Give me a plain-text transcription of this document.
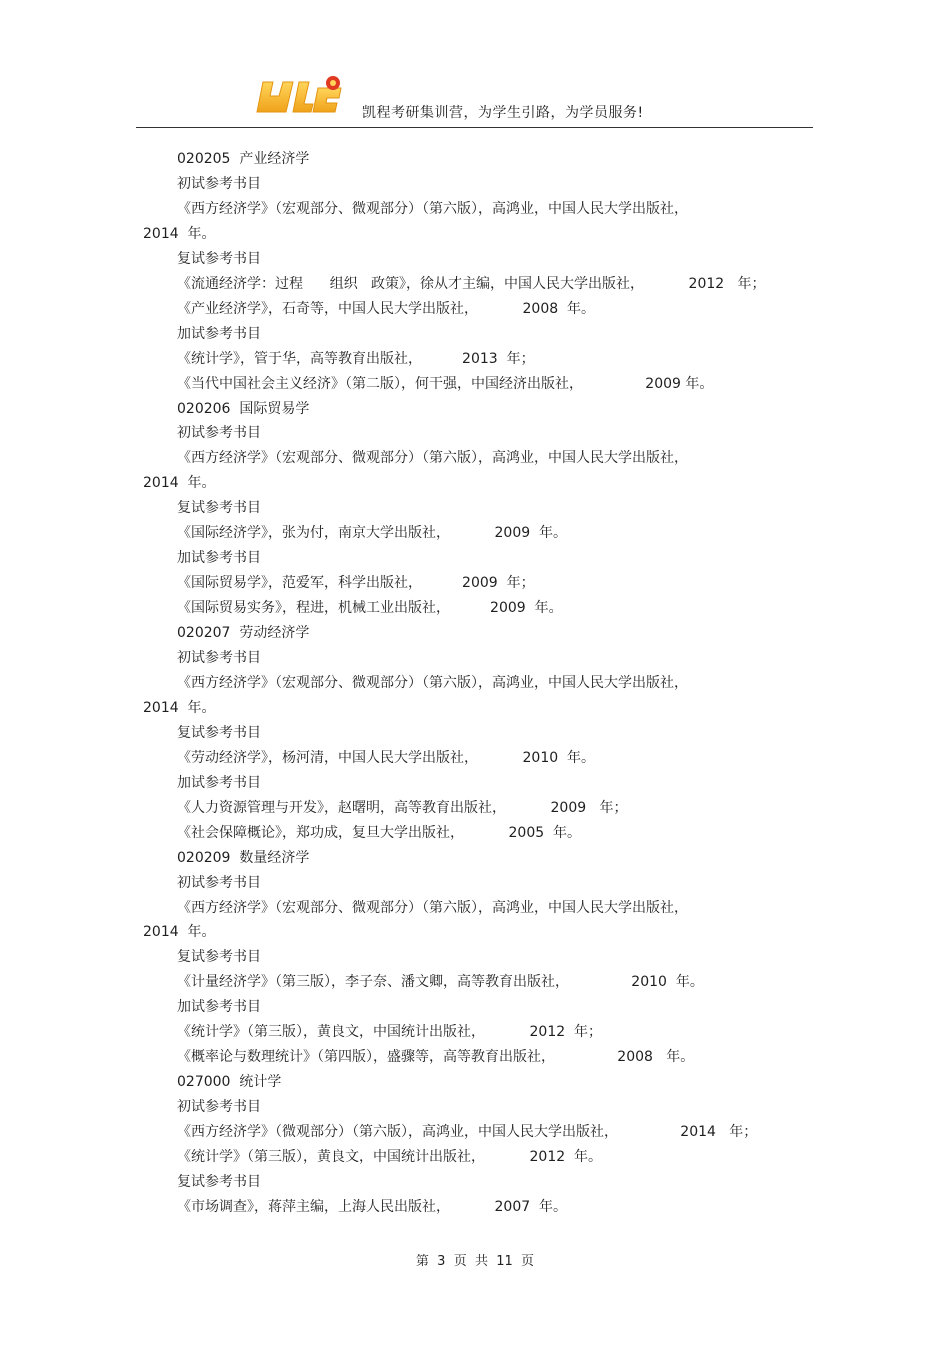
凯程考研集训营，为学生引路，为学员服务!
020205  产业经济学
初试参考书目
《西方经济学》（宏观部分、微观部分）（第六版），高鸿业，中国人民大学出版社，
2014  年。
复试参考书目
《流通经济学：过程      组织   政策》，徐从才主编，中国人民大学出版社，          2012   年；
《产业经济学》，石奇等，中国人民大学出版社，          2008  年。
加试参考书目
《统计学》，管于华，高等教育出版社，         2013  年；
《当代中国社会主义经济》（第二版），何干强，中国经济出版社，              2009 年。
020206  国际贸易学
初试参考书目
《西方经济学》（宏观部分、微观部分）（第六版），高鸿业，中国人民大学出版社，
2014  年。
复试参考书目
《国际经济学》，张为付，南京大学出版社，          2009  年。
加试参考书目
《国际贸易学》，范爱军，科学出版社，         2009  年；
《国际贸易实务》，程进，机械工业出版社，         2009  年。
020207  劳动经济学
初试参考书目
《西方经济学》（宏观部分、微观部分）（第六版），高鸿业，中国人民大学出版社，
2014  年。
复试参考书目
《劳动经济学》，杨河清，中国人民大学出版社，          2010  年。
加试参考书目
《人力资源管理与开发》，赵曙明，高等教育出版社，          2009   年；
《社会保障概论》，郑功成，复旦大学出版社，          2005  年。
020209  数量经济学
初试参考书目
《西方经济学》（宏观部分、微观部分）（第六版），高鸿业，中国人民大学出版社，
2014  年。
复试参考书目
《计量经济学》（第三版），李子奈、潘文卿，高等教育出版社，              2010  年。
加试参考书目
《统计学》（第三版），黄良文，中国统计出版社，          2012  年；
《概率论与数理统计》（第四版），盛骤等，高等教育出版社，              2008   年。
027000  统计学
初试参考书目
《西方经济学》（微观部分）（第六版），高鸿业，中国人民大学出版社，              2014   年；
《统计学》（第三版），黄良文，中国统计出版社，          2012  年。
复试参考书目
《市场调查》，蒋萍主编，上海人民出版社，          2007  年。
第  3  页  共  11  页
